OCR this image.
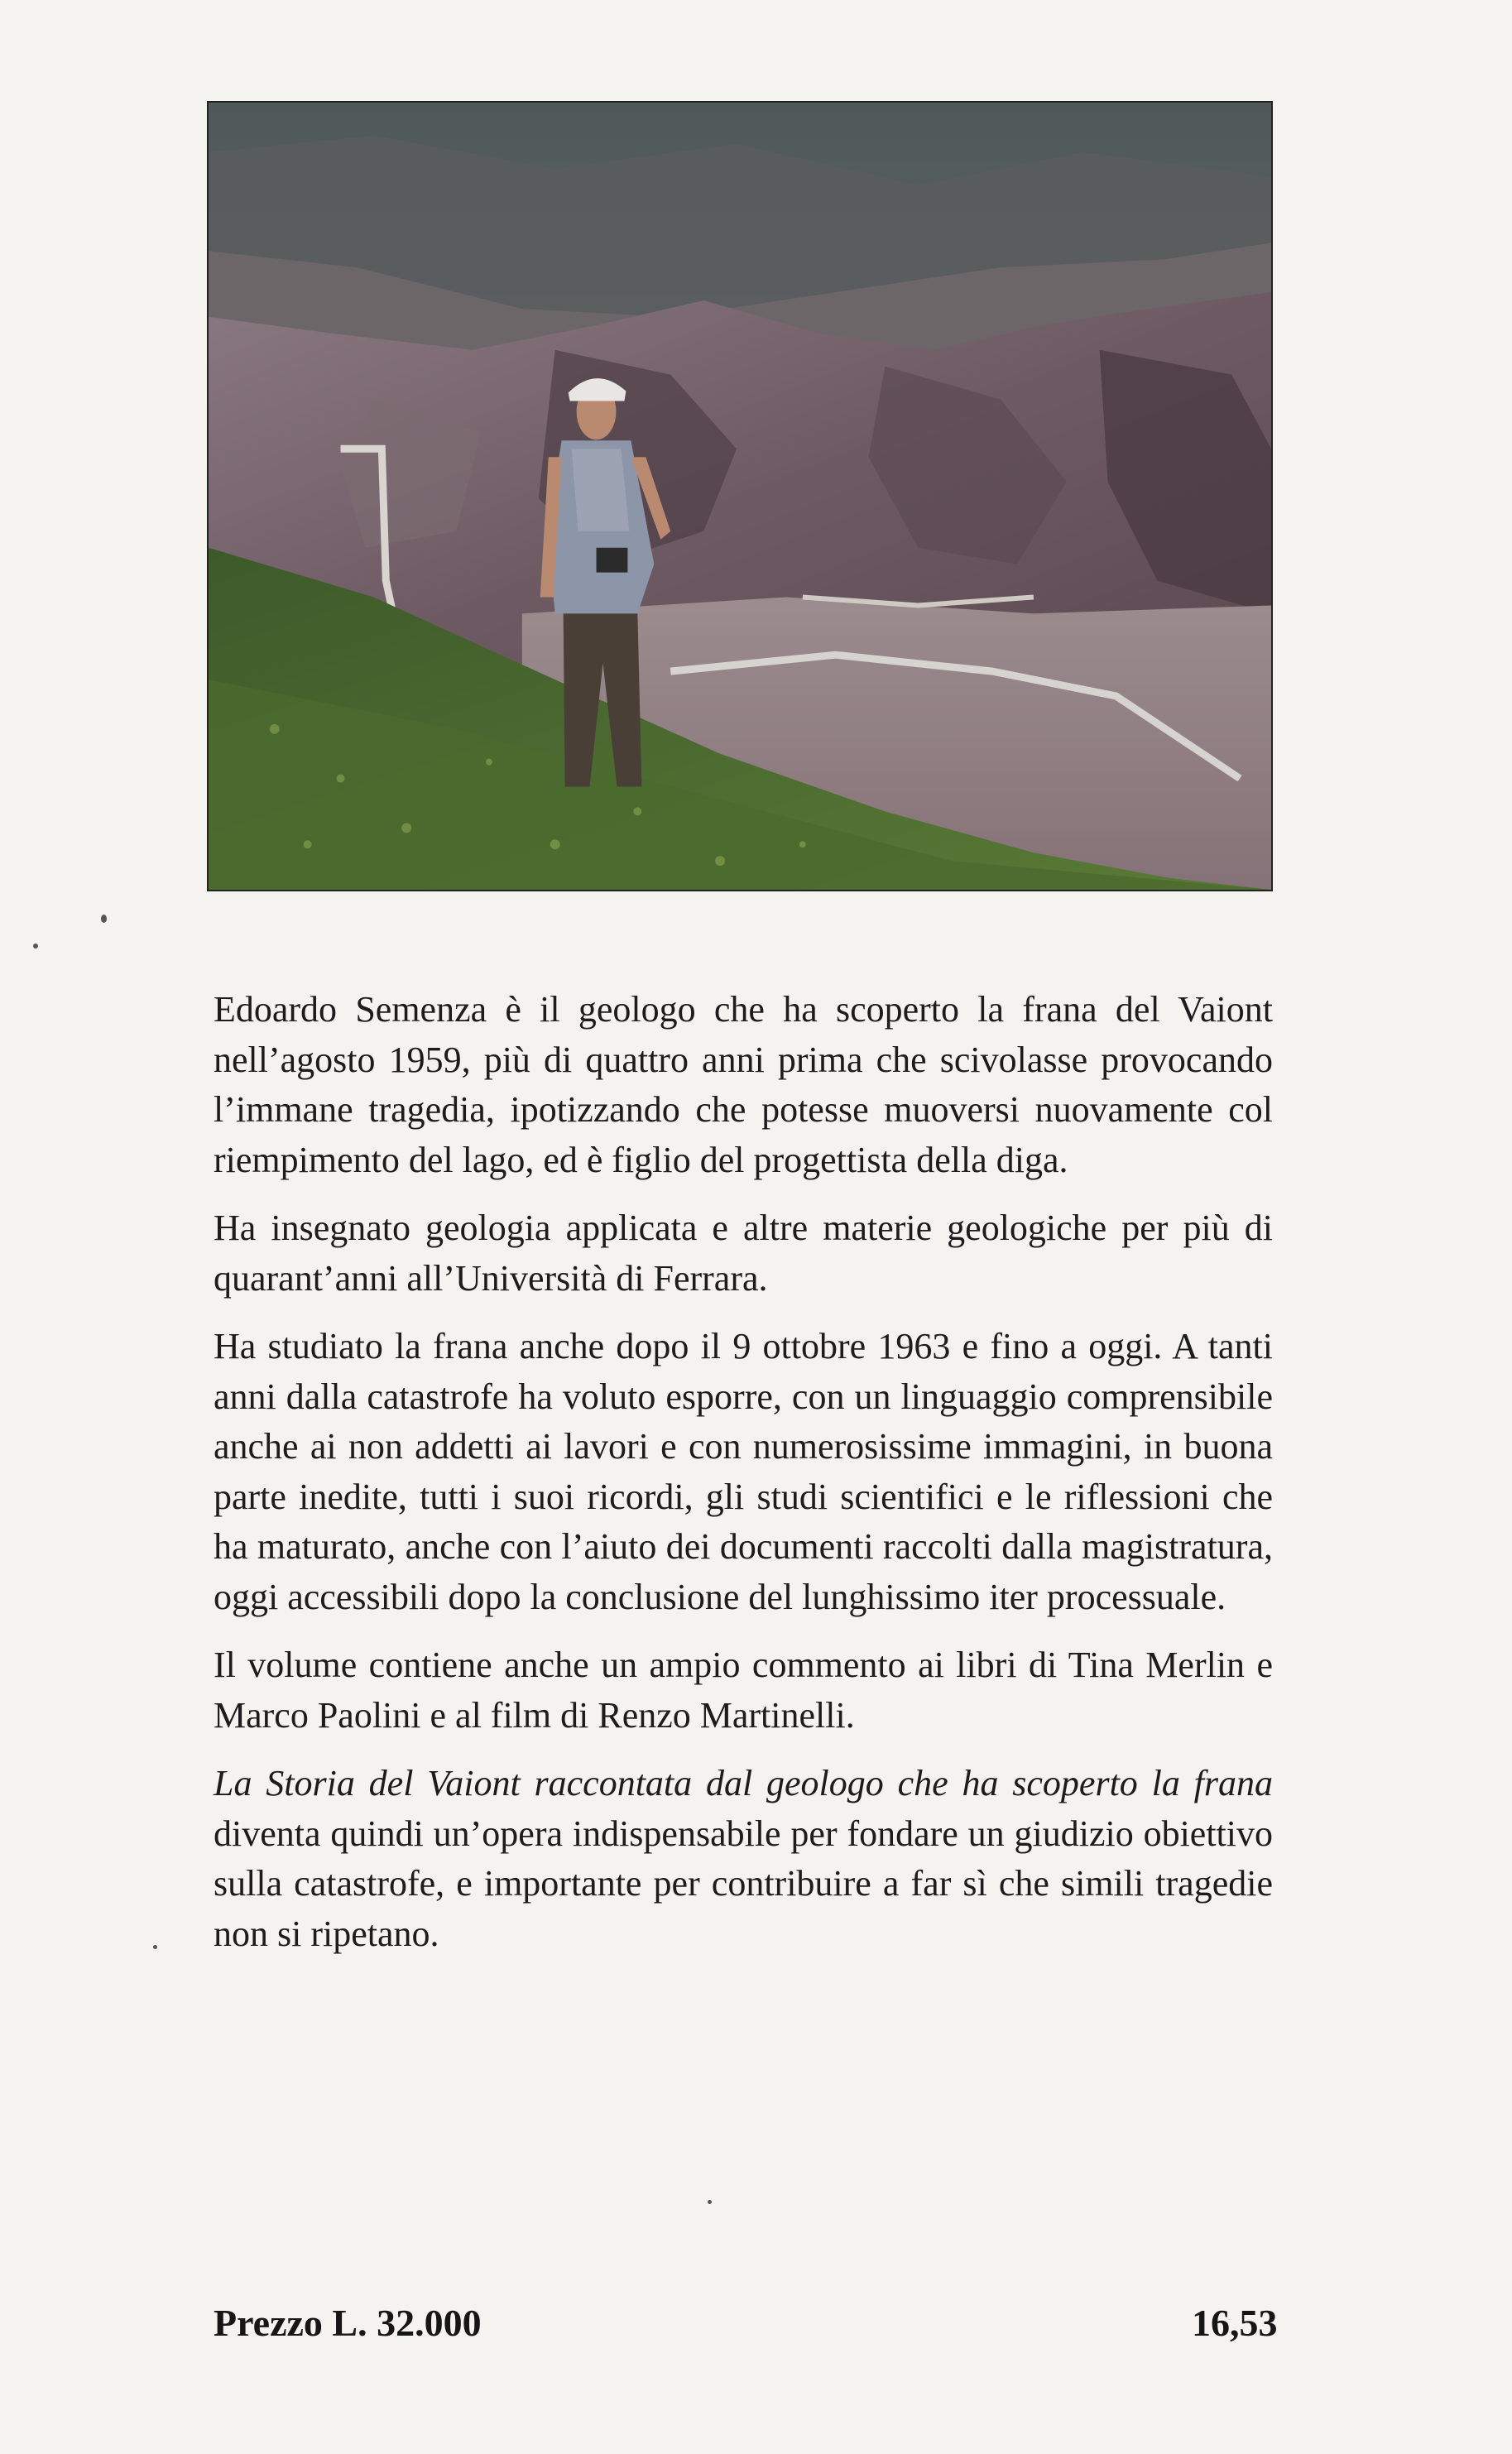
Edoardo Semenza è il geologo che ha scoperto la frana del Vaiont nell’agosto 1959, più di quattro anni prima che scivolasse provocando l’immane tragedia, ipotizzando che potesse muoversi nuovamente col riempimento del lago, ed è figlio del progettista della diga.

Ha insegnato geologia applicata e altre materie geologiche per più di quarant’anni all’Università di Ferrara.

Ha studiato la frana anche dopo il 9 ottobre 1963 e fino a oggi. A tanti anni dalla catastrofe ha voluto esporre, con un linguaggio comprensibile anche ai non addetti ai lavori e con numerosissime immagini, in buona parte inedite, tutti i suoi ricordi, gli studi scientifici e le riflessioni che ha maturato, anche con l’aiuto dei documenti raccolti dalla magistratura, oggi accessibili dopo la conclusione del lunghissimo iter processuale.

Il volume contiene anche un ampio commento ai libri di Tina Merlin e Marco Paolini e al film di Renzo Martinelli.

La Storia del Vaiont raccontata dal geologo che ha scoperto la frana diventa quindi un’opera indispensabile per fondare un giudizio obiettivo sulla catastrofe, e importante per contribuire a far sì che simili tragedie non si ripetano.

Prezzo L. 32.000	16,53
